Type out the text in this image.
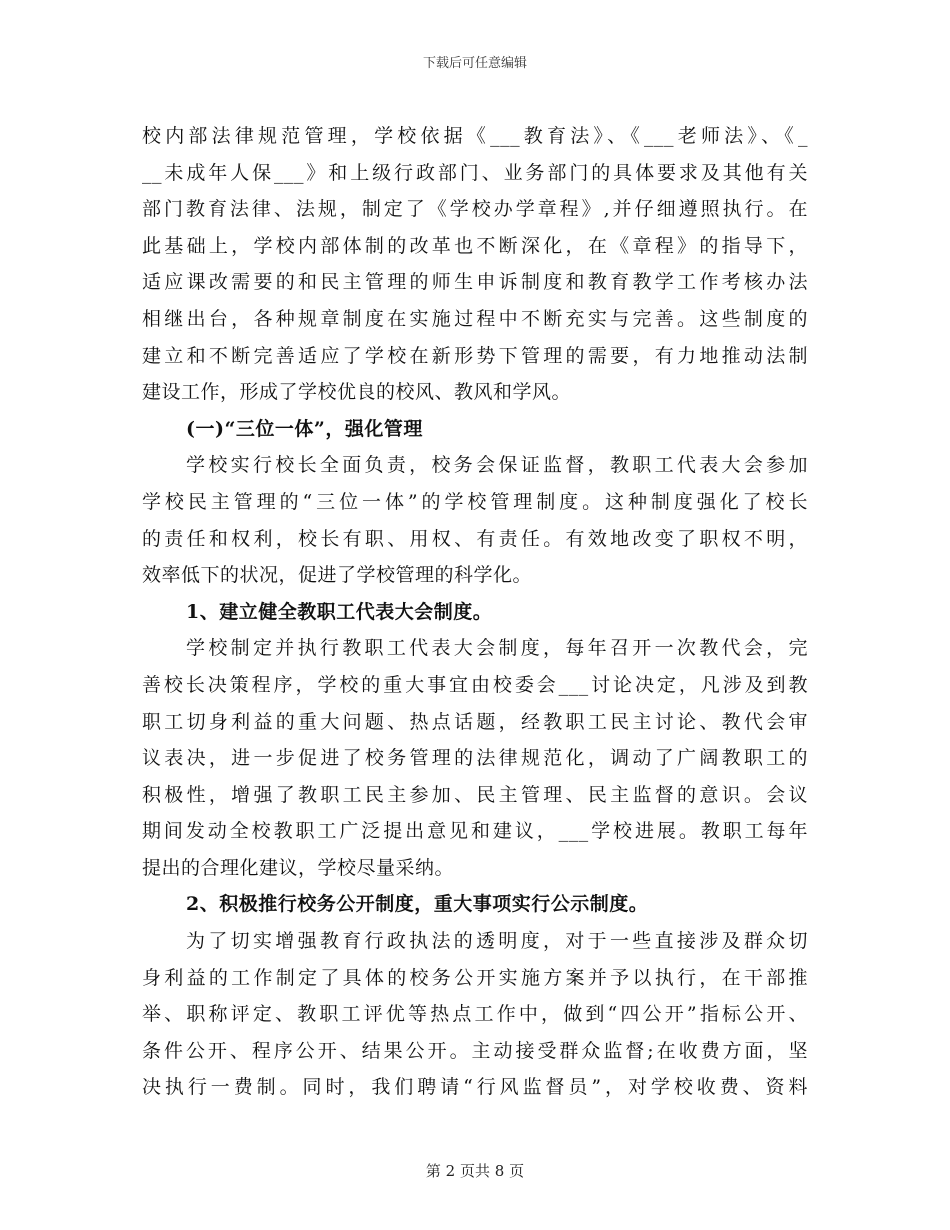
下载后可任意编辑
校内部法律规范管理，学校依据《___教育法》、《___老师法》、《_
__未成年人保___》和上级行政部门、业务部门的具体要求及其他有关
部门教育法律、法规，制定了《学校办学章程》,并仔细遵照执行。在
此基础上，学校内部体制的改革也不断深化，在《章程》的指导下，
适应课改需要的和民主管理的师生申诉制度和教育教学工作考核办法
相继出台，各种规章制度在实施过程中不断充实与完善。这些制度的
建立和不断完善适应了学校在新形势下管理的需要，有力地推动法制
建设工作，形成了学校优良的校风、教风和学风。
(一)“三位一体”，强化管理
学校实行校长全面负责，校务会保证监督，教职工代表大会参加
学校民主管理的“三位一体”的学校管理制度。这种制度强化了校长
的责任和权利，校长有职、用权、有责任。有效地改变了职权不明，
效率低下的状况，促进了学校管理的科学化。
1、建立健全教职工代表大会制度。
学校制定并执行教职工代表大会制度，每年召开一次教代会，完
善校长决策程序，学校的重大事宜由校委会___讨论决定，凡涉及到教
职工切身利益的重大问题、热点话题，经教职工民主讨论、教代会审
议表决，进一步促进了校务管理的法律规范化，调动了广阔教职工的
积极性，增强了教职工民主参加、民主管理、民主监督的意识。会议
期间发动全校教职工广泛提出意见和建议，___学校进展。教职工每年
提出的合理化建议，学校尽量采纳。
2、积极推行校务公开制度，重大事项实行公示制度。
为了切实增强教育行政执法的透明度，对于一些直接涉及群众切
身利益的工作制定了具体的校务公开实施方案并予以执行，在干部推
举、职称评定、教职工评优等热点工作中，做到“四公开”指标公开、
条件公开、程序公开、结果公开。主动接受群众监督;在收费方面，坚
决执行一费制。同时，我们聘请“行风监督员”，对学校收费、资料
第 2 页共 8 页
